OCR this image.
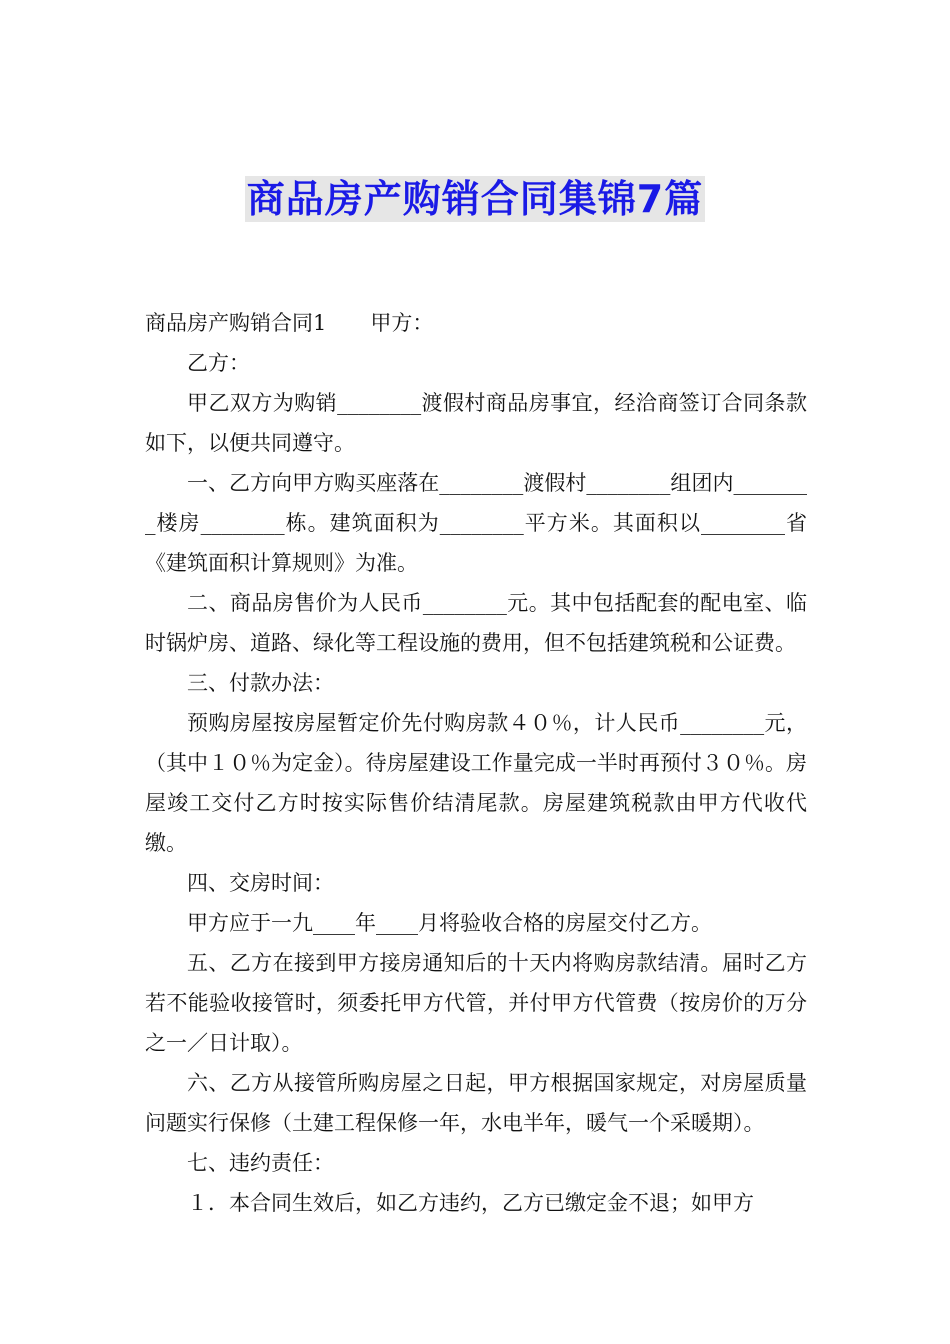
商品房产购销合同集锦7篇

商品房产购销合同1 甲方：

乙方：

甲乙双方为购销________渡假村商品房事宜，经洽商签订合同条款如下，以便共同遵守。

一、乙方向甲方购买座落在________渡假村________组团内________楼房________栋。建筑面积为________平方米。其面积以________省《建筑面积计算规则》为准。

二、商品房售价为人民币________元。其中包括配套的配电室、临时锅炉房、道路、绿化等工程设施的费用，但不包括建筑税和公证费。

三、付款办法：

预购房屋按房屋暂定价先付购房款４０％，计人民币________元，（其中１０％为定金）。待房屋建设工作量完成一半时再预付３０％。房屋竣工交付乙方时按实际售价结清尾款。房屋建筑税款由甲方代收代缴。

四、交房时间：

甲方应于一九____年____月将验收合格的房屋交付乙方。

五、乙方在接到甲方接房通知后的十天内将购房款结清。届时乙方若不能验收接管时，须委托甲方代管，并付甲方代管费（按房价的万分之一／日计取）。

六、乙方从接管所购房屋之日起，甲方根据国家规定，对房屋质量问题实行保修（土建工程保修一年，水电半年，暖气一个采暖期）。

七、违约责任：

１．本合同生效后，如乙方违约，乙方已缴定金不退；如甲方
